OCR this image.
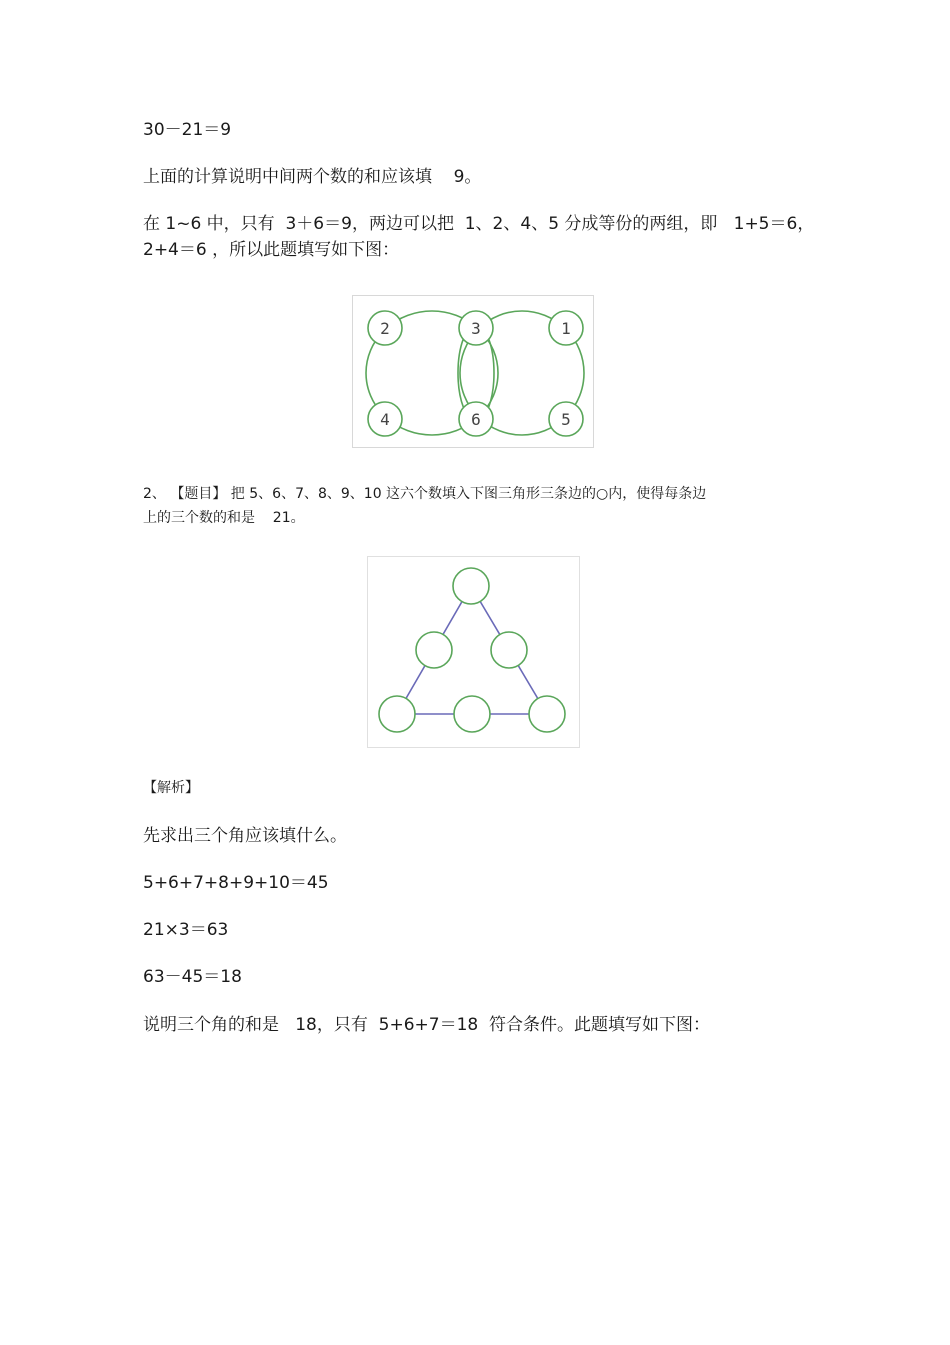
30－21＝9
上面的计算说明中间两个数的和应该填    9。
在 1~6 中，只有  3＋6＝9，两边可以把  1、2、4、5 分成等份的两组，即   1+5＝6，
2+4＝6 ，所以此题填写如下图：
2	3	1
4	6	5
2、 【题目】 把 5、6、7、8、9、10 这六个数填入下图三角形三条边的○内，使得每条边
上的三个数的和是    21。
【解析】
先求出三个角应该填什么。
5+6+7+8+9+10＝45
21×3＝63
63－45＝18
说明三个角的和是   18，只有  5+6+7＝18  符合条件。此题填写如下图：
